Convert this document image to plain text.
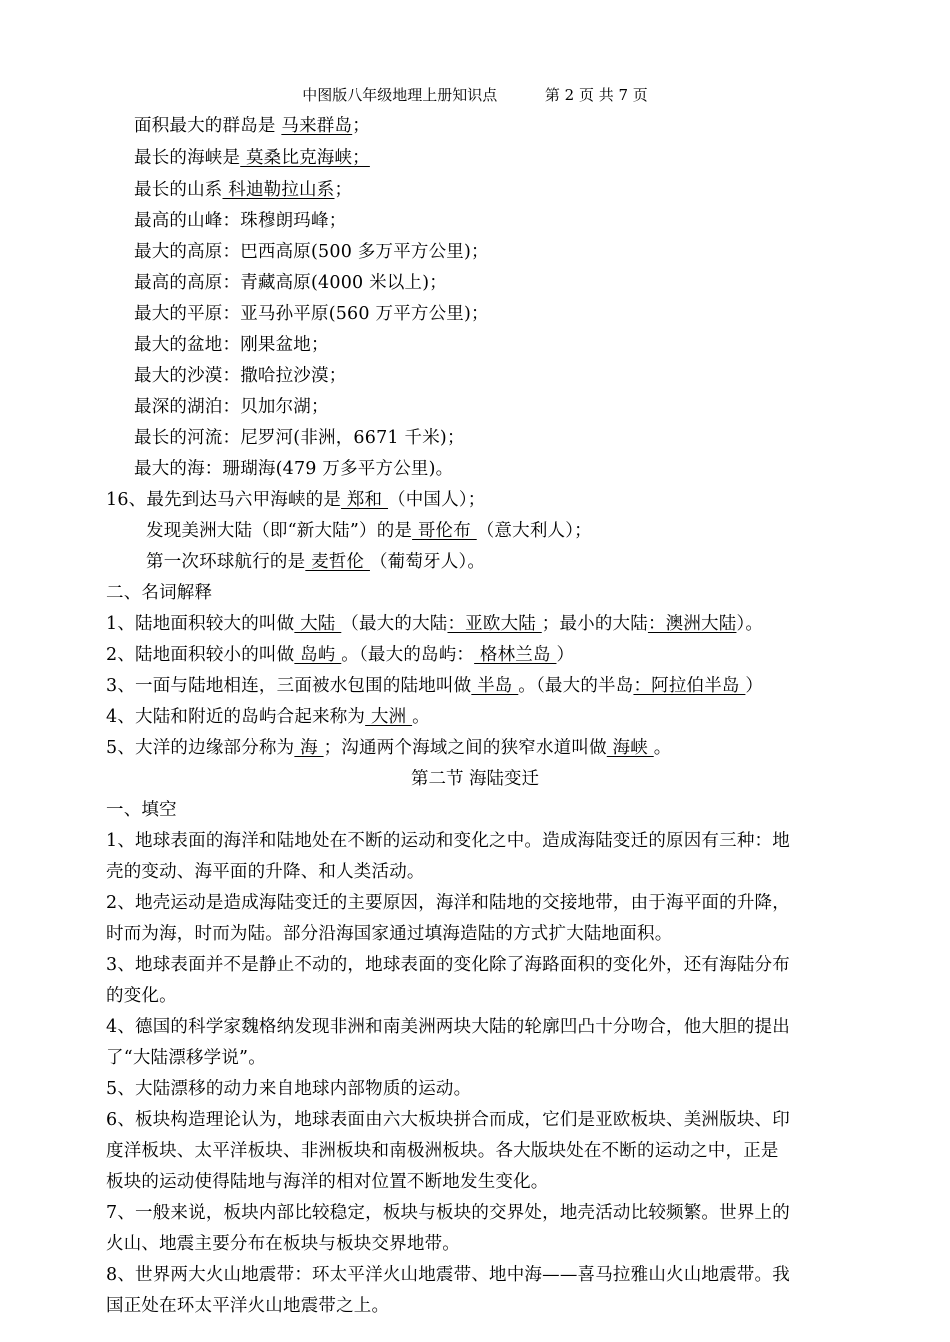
中图版八年级地理上册知识点          第 2 页 共 7 页
面积最大的群岛是 马来群岛；
最长的海峡是 莫桑比克海峡；
最长的山系 科迪勒拉山系；
最高的山峰：珠穆朗玛峰；
最大的高原：巴西高原(500 多万平方公里)；
最高的高原：青藏高原(4000 米以上)；
最大的平原：亚马孙平原(560 万平方公里)；
最大的盆地：刚果盆地；
最大的沙漠：撒哈拉沙漠；
最深的湖泊：贝加尔湖；
最长的河流：尼罗河(非洲，6671 千米)；
最大的海：珊瑚海(479 万多平方公里)。
16、最先到达马六甲海峡的是 郑和 （中国人）；
发现美洲大陆（即“新大陆”）的是 哥伦布 （意大利人）；
第一次环球航行的是 麦哲伦 （葡萄牙人）。
二、名词解释
1、陆地面积较大的叫做 大陆 （最大的大陆：亚欧大陆 ；最小的大陆：澳洲大陆）。
2、陆地面积较小的叫做 岛屿 。（最大的岛屿： 格林兰岛 ）
3、一面与陆地相连，三面被水包围的陆地叫做 半岛 。（最大的半岛：阿拉伯半岛 ）
4、大陆和附近的岛屿合起来称为 大洲 。
5、大洋的边缘部分称为 海 ；沟通两个海域之间的狭窄水道叫做 海峡 。
第二节 海陆变迁
一、填空
1、地球表面的海洋和陆地处在不断的运动和变化之中。造成海陆变迁的原因有三种：地
壳的变动、海平面的升降、和人类活动。
2、地壳运动是造成海陆变迁的主要原因，海洋和陆地的交接地带，由于海平面的升降，
时而为海，时而为陆。部分沿海国家通过填海造陆的方式扩大陆地面积。
3、地球表面并不是静止不动的，地球表面的变化除了海路面积的变化外，还有海陆分布
的变化。
4、德国的科学家魏格纳发现非洲和南美洲两块大陆的轮廓凹凸十分吻合，他大胆的提出
了“大陆漂移学说”。
5、大陆漂移的动力来自地球内部物质的运动。
6、板块构造理论认为，地球表面由六大板块拼合而成，它们是亚欧板块、美洲版块、印
度洋板块、太平洋板块、非洲板块和南极洲板块。各大版块处在不断的运动之中，正是
板块的运动使得陆地与海洋的相对位置不断地发生变化。
7、一般来说，板块内部比较稳定，板块与板块的交界处，地壳活动比较频繁。世界上的
火山、地震主要分布在板块与板块交界地带。
8、世界两大火山地震带：环太平洋火山地震带、地中海——喜马拉雅山火山地震带。我
国正处在环太平洋火山地震带之上。
